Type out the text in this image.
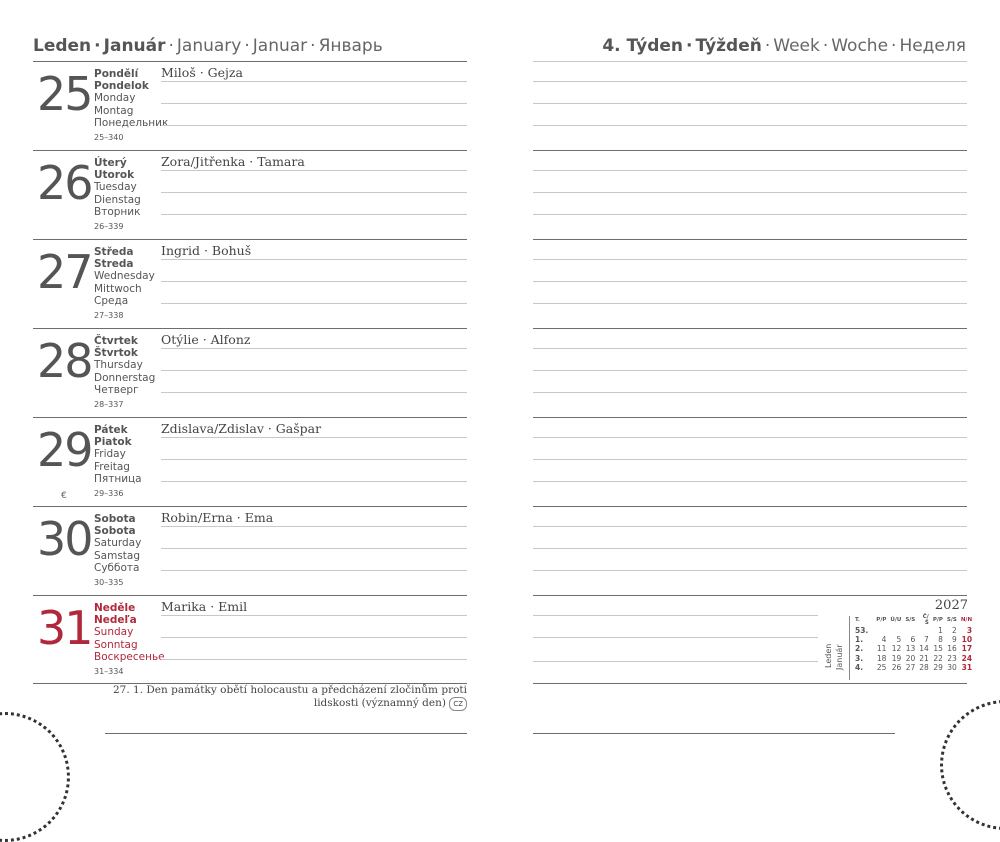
Leden · Január · January · Januar · Январь	4. Týden · Týždeň · Week · Woche · Неделя
25 Pondělí
Pondelok
Monday
Montag
Понедельник
25–340
Miloš · Gejza
26 Úterý
Utorok
Tuesday
Dienstag
Вторник
26–339
Zora/Jitřenka · Tamara
27 Středa
Streda
Wednesday
Mittwoch
Среда
27–338
Ingrid · Bohuš
28 Čtvrtek
Štvrtok
Thursday
Donnerstag
Четверг
28–337
Otýlie · Alfonz
29 Pátek
Piatok
Friday
Freitag
Пятница
29–336
Zdislava/Zdislav · Gašpar
€
30 Sobota
Sobota
Saturday
Samstag
Суббота
30–335
Robin/Erna · Ema
31 Neděle
Nedeľa
Sunday
Sonntag
Воскресенье
31–334
Marika · Emil
27. 1. Den památky obětí holocaustu a předcházení zločinům proti lidskosti (významný den) CZ
2027
Leden Január
T.	P/P	Ú/U	S/S	Č/Š	P/P	S/S	N/N
53.					1	2	3
1.	4	5	6	7	8	9	10
2.	11	12	13	14	15	16	17
3.	18	19	20	21	22	23	24
4.	25	26	27	28	29	30	31
